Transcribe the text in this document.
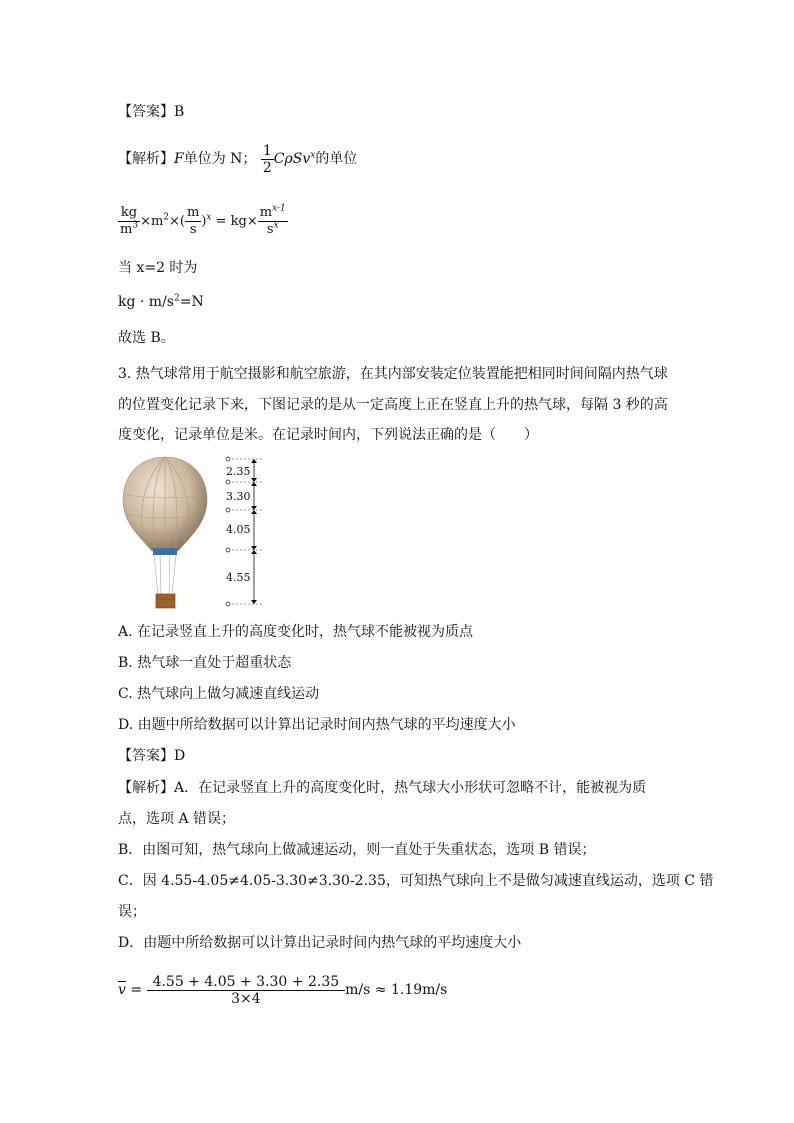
【答案】B
【解析】F单位为 N； $\frac{1}{2} C\rho Sv^x$的单位
$\frac{kg}{m^3} \times m^2\times( \frac{m}{s} )^x = kg\times \frac{m^{x-1}}{s^x}$
当 x=2 时为
kg · $m/s^2=N$
故选 B。
3. 热气球常用于航空摄影和航空旅游，在其内部安装定位装置能把相同时间间隔内热气球
的位置变化记录下来，下图记录的是从一定高度上正在竖直上升的热气球，每隔 3 秒的高
度变化，记录单位是米。在记录时间内，下列说法正确的是（　　）
2.35
3.30
4.05
4.55
A. 在记录竖直上升的高度变化时，热气球不能被视为质点
B. 热气球一直处于超重状态
C. 热气球向上做匀减速直线运动
D. 由题中所给数据可以计算出记录时间内热气球的平均速度大小
【答案】D
【解析】A．在记录竖直上升的高度变化时，热气球大小形状可忽略不计，能被视为质
点，选项 A 错误；
B．由图可知，热气球向上做减速运动，则一直处于失重状态，选项 B 错误；
C．因 4.55-4.05≠4.05-3.30≠3.30-2.35，可知热气球向上不是做匀减速直线运动，选项 C 错
误；
D．由题中所给数据可以计算出记录时间内热气球的平均速度大小
$\overline{v} = \frac{4.55 + 4.05 + 3.30 + 2.35}{3\times 4} m/s \approx 1.19m/s$
